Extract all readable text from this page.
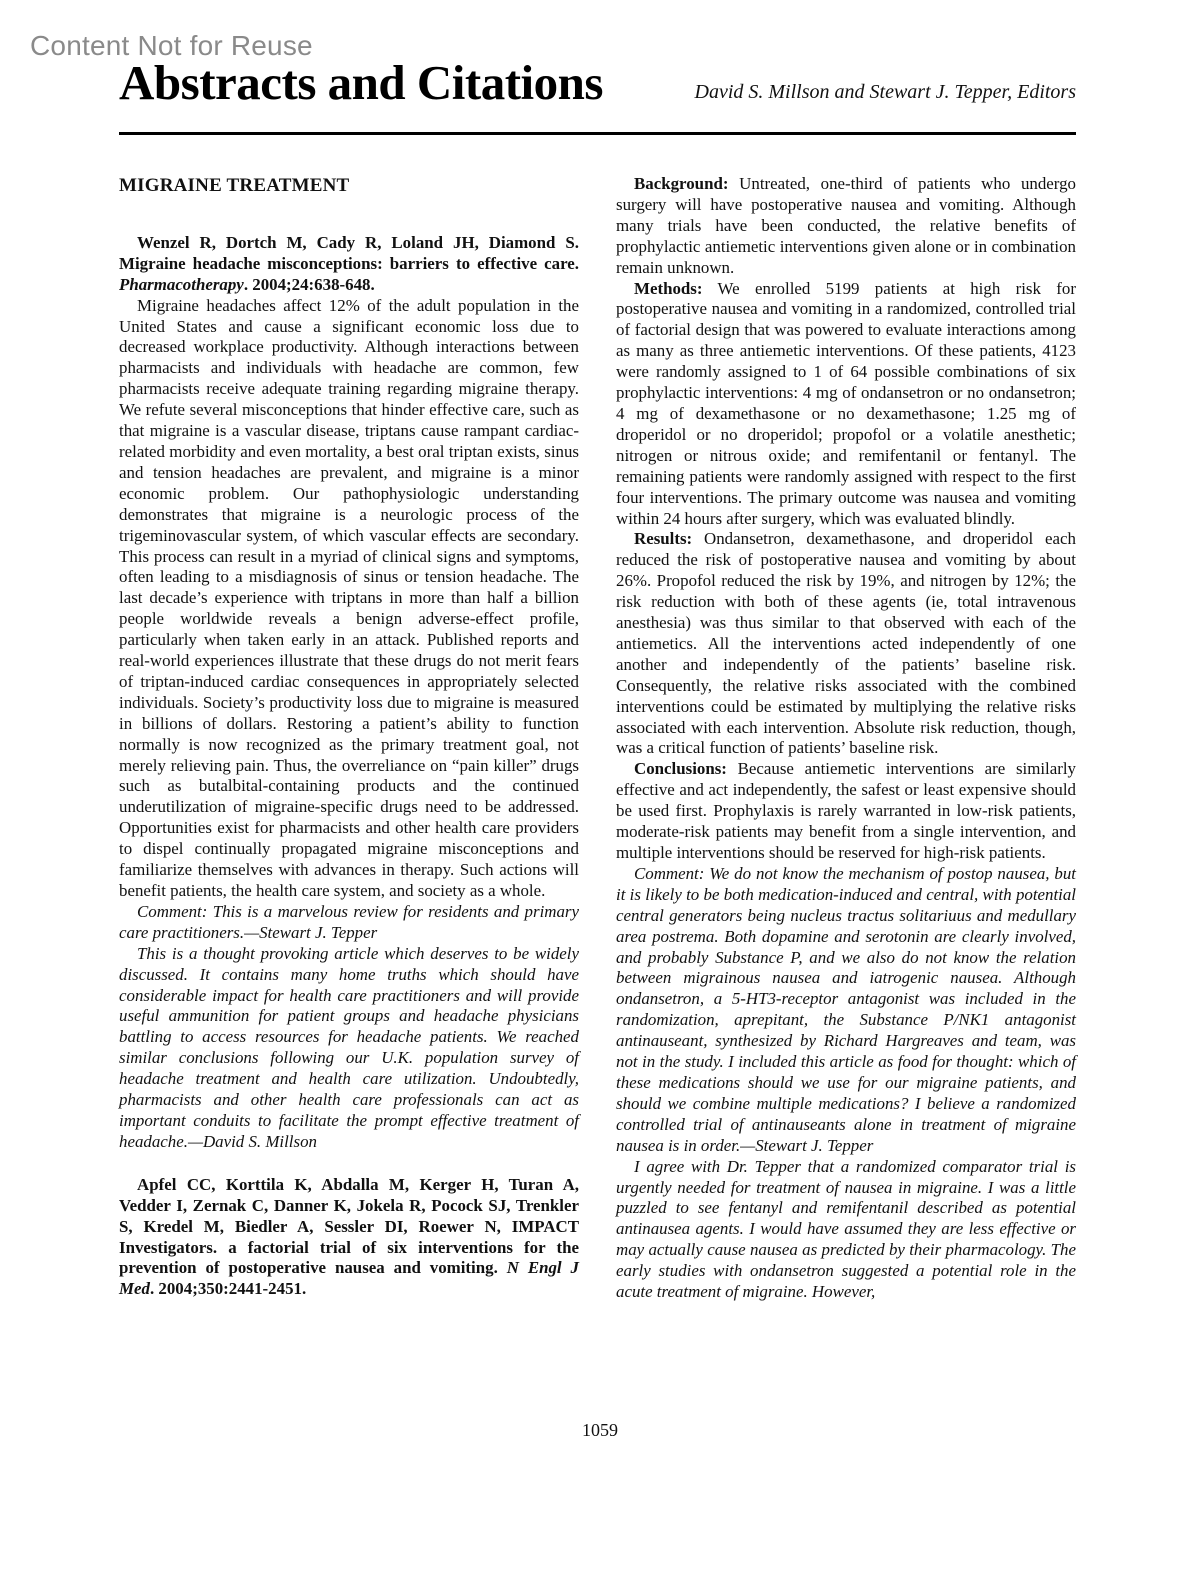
Content Not for Reuse
Abstracts and Citations	David S. Millson and Stewart J. Tepper, Editors
MIGRAINE TREATMENT

Wenzel R, Dortch M, Cady R, Loland JH, Diamond S. Migraine headache misconceptions: barriers to effective care. Pharmacotherapy. 2004;24:638-648.

Migraine headaches affect 12% of the adult population in the United States and cause a significant economic loss due to decreased workplace productivity. Although interactions between pharmacists and individuals with headache are common, few pharmacists receive adequate training regarding migraine therapy. We refute several misconceptions that hinder effective care, such as that migraine is a vascular disease, triptans cause rampant cardiac-related morbidity and even mortality, a best oral triptan exists, sinus and tension headaches are prevalent, and migraine is a minor economic problem. Our pathophysiologic understanding demonstrates that migraine is a neurologic process of the trigeminovascular system, of which vascular effects are secondary. This process can result in a myriad of clinical signs and symptoms, often leading to a misdiagnosis of sinus or tension headache. The last decade’s experience with triptans in more than half a billion people worldwide reveals a benign adverse-effect profile, particularly when taken early in an attack. Published reports and real-world experiences illustrate that these drugs do not merit fears of triptan-induced cardiac consequences in appropriately selected individuals. Society’s productivity loss due to migraine is measured in billions of dollars. Restoring a patient’s ability to function normally is now recognized as the primary treatment goal, not merely relieving pain. Thus, the overreliance on “pain killer” drugs such as butalbital-containing products and the continued underutilization of migraine-specific drugs need to be addressed. Opportunities exist for pharmacists and other health care providers to dispel continually propagated migraine misconceptions and familiarize themselves with advances in therapy. Such actions will benefit patients, the health care system, and society as a whole.

Comment: This is a marvelous review for residents and primary care practitioners.—Stewart J. Tepper

This is a thought provoking article which deserves to be widely discussed. It contains many home truths which should have considerable impact for health care practitioners and will provide useful ammunition for patient groups and headache physicians battling to access resources for headache patients. We reached similar conclusions following our U.K. population survey of headache treatment and health care utilization. Undoubtedly, pharmacists and other health care professionals can act as important conduits to facilitate the prompt effective treatment of headache.—David S. Millson

Apfel CC, Korttila K, Abdalla M, Kerger H, Turan A, Vedder I, Zernak C, Danner K, Jokela R, Pocock SJ, Trenkler S, Kredel M, Biedler A, Sessler DI, Roewer N, IMPACT Investigators. a factorial trial of six interventions for the prevention of postoperative nausea and vomiting. N Engl J Med. 2004;350:2441-2451.

Background: Untreated, one-third of patients who undergo surgery will have postoperative nausea and vomiting. Although many trials have been conducted, the relative benefits of prophylactic antiemetic interventions given alone or in combination remain unknown.

Methods: We enrolled 5199 patients at high risk for postoperative nausea and vomiting in a randomized, controlled trial of factorial design that was powered to evaluate interactions among as many as three antiemetic interventions. Of these patients, 4123 were randomly assigned to 1 of 64 possible combinations of six prophylactic interventions: 4 mg of ondansetron or no ondansetron; 4 mg of dexamethasone or no dexamethasone; 1.25 mg of droperidol or no droperidol; propofol or a volatile anesthetic; nitrogen or nitrous oxide; and remifentanil or fentanyl. The remaining patients were randomly assigned with respect to the first four interventions. The primary outcome was nausea and vomiting within 24 hours after surgery, which was evaluated blindly.

Results: Ondansetron, dexamethasone, and droperidol each reduced the risk of postoperative nausea and vomiting by about 26%. Propofol reduced the risk by 19%, and nitrogen by 12%; the risk reduction with both of these agents (ie, total intravenous anesthesia) was thus similar to that observed with each of the antiemetics. All the interventions acted independently of one another and independently of the patients’ baseline risk. Consequently, the relative risks associated with the combined interventions could be estimated by multiplying the relative risks associated with each intervention. Absolute risk reduction, though, was a critical function of patients’ baseline risk.

Conclusions: Because antiemetic interventions are similarly effective and act independently, the safest or least expensive should be used first. Prophylaxis is rarely warranted in low-risk patients, moderate-risk patients may benefit from a single intervention, and multiple interventions should be reserved for high-risk patients.

Comment: We do not know the mechanism of postop nausea, but it is likely to be both medication-induced and central, with potential central generators being nucleus tractus solitariuus and medullary area postrema. Both dopamine and serotonin are clearly involved, and probably Substance P, and we also do not know the relation between migrainous nausea and iatrogenic nausea. Although ondansetron, a 5-HT3-receptor antagonist was included in the randomization, aprepitant, the Substance P/NK1 antagonist antinauseant, synthesized by Richard Hargreaves and team, was not in the study. I included this article as food for thought: which of these medications should we use for our migraine patients, and should we combine multiple medications? I believe a randomized controlled trial of antinauseants alone in treatment of migraine nausea is in order.—Stewart J. Tepper

I agree with Dr. Tepper that a randomized comparator trial is urgently needed for treatment of nausea in migraine. I was a little puzzled to see fentanyl and remifentanil described as potential antinausea agents. I would have assumed they are less effective or may actually cause nausea as predicted by their pharmacology. The early studies with ondansetron suggested a potential role in the acute treatment of migraine. However,

1059
